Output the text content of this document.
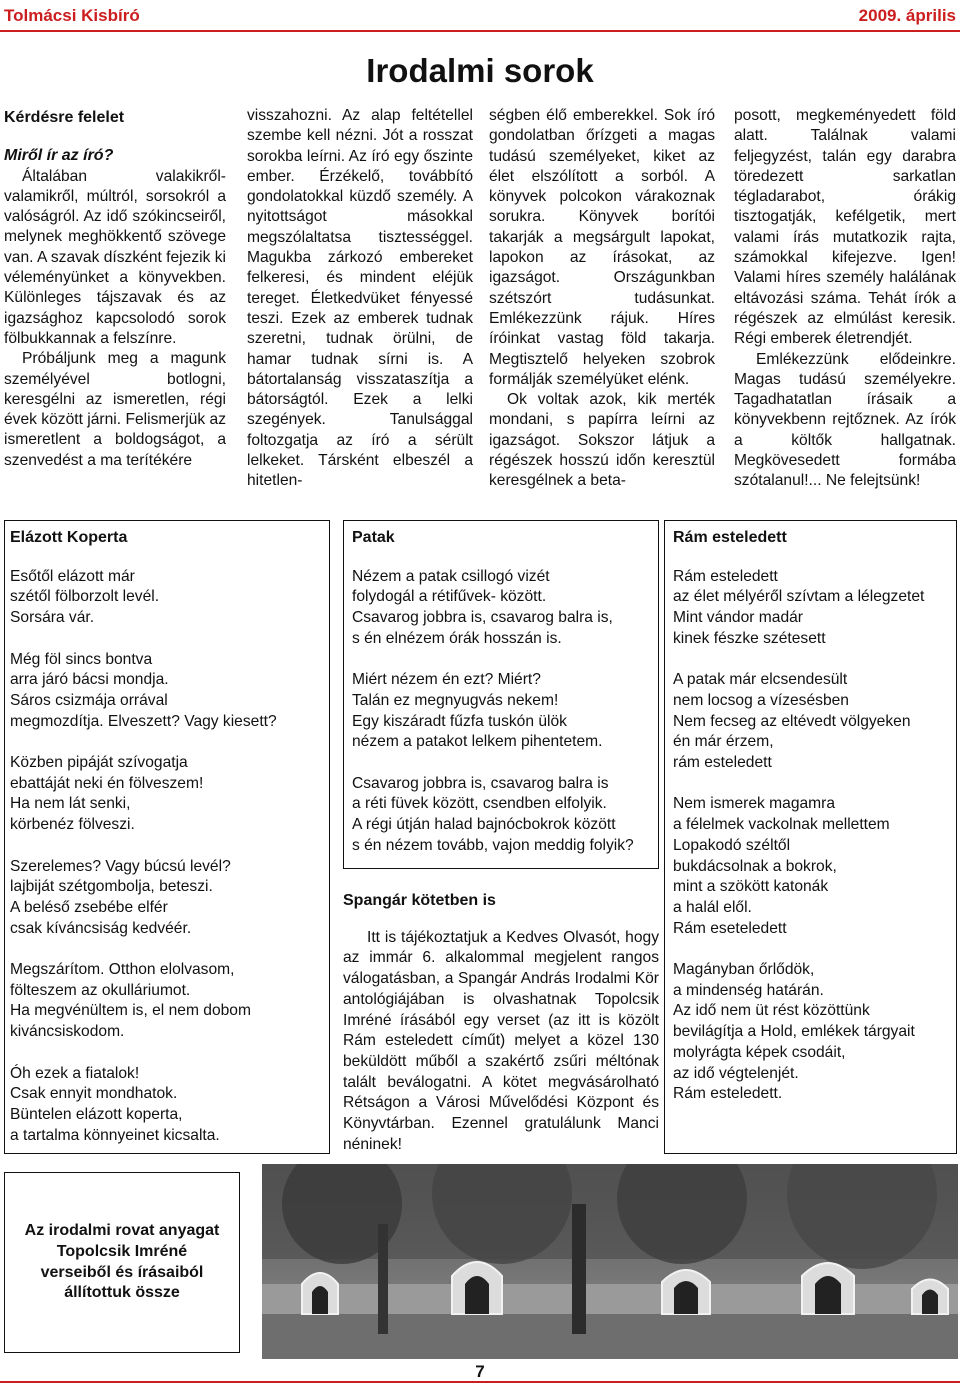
Tolmácsi Kisbíró	2009. április
Irodalmi sorok
Kérdésre felelet
Miről ír az író?

Általában valakikről- valamikről, múltról, sorsokról a valóságról. Az idő szókincseiről, melynek meghökkentő szövege van. A szavak díszként fejezik ki véleményünket a könyvekben. Különleges tájszavak és az igazsághoz kapcsolodó sorok fölbukkannak a felszínre.

Próbáljunk meg a magunk személyével botlogni, keresgélni az ismeretlen, régi évek között járni. Felismerjük az ismeretlent a boldogságot, a szenvedést a ma terítékére

visszahozni. Az alap feltétellel szembe kell nézni. Jót a rosszat sorokba leírni. Az író egy őszinte ember. Érzékelő, továbbító gondolatokkal küzdő személy. A nyitottságot másokkal megszólaltatsa tisztességgel. Magukba zárkozó embereket felkeresi, és mindent eléjük tereget. Életkedvüket fényessé teszi. Ezek az emberek tudnak szeretni, tudnak örülni, de hamar tudnak sírni is. A bátortalanság visszataszítja a bátorságtól. Ezek a lelki szegények. Tanulsággal foltozgatja az író a sérült lelkeket. Társként elbeszél a hitetlen-

ségben élő emberekkel. Sok író gondolatban őrízgeti a magas tudású személyeket, kiket az élet elszólított a sorból. A könyvek polcokon várakoznak sorukra. Könyvek borítói takarják a megsárgult lapokat, lapokon az írásokat, az igazságot. Országunkban szétszórt tudásunkat. Emlékezzünk rájuk. Híres íróinkat vastag föld takarja. Megtisztelő helyeken szobrok formálják személyüket elénk.

Ok voltak azok, kik merték mondani, s papírra leírni az igazságot. Sokszor látjuk a régészek hosszú időn keresztül keresgélnek a beta-

posott, megkeményedett föld alatt. Találnak valami feljegyzést, talán egy darabra töredezett sarkatlan tégladarabot, órákig tisztogatják, kefélgetik, mert valami írás mutatkozik rajta, számokkal kifejezve. Igen! Valami híres személy halálának eltávozási száma. Tehát írók a régészek az elmúlást keresik. Régi emberek életrendjét.

Emlékezzünk elődeinkre. Magas tudású személyekre. Tagadhatatlan írásaik a könyvekbenn rejtőznek. Az írók a költők hallgatnak. Megkövesedett formába szótalanul!... Ne felejtsünk!

Elázott Koperta
Esőtől elázott már
szétől fölborzolt levél.
Sorsára vár.
Még föl sincs bontva
arra járó bácsi mondja.
Sáros csizmája orrával
megmozdítja. Elveszett? Vagy kiesett?
Közben pipáját szívogatja
ebattáját neki én fölveszem!
Ha nem lát senki,
körbenéz fölveszi.
Szerelemes? Vagy búcsú levél?
lajbiját szétgombolja, beteszi.
A beléső zsebébe elfér
csak kíváncsiság kedvéér.
Megszárítom. Otthon elolvasom,
fölteszem az okulláriumot.
Ha megvénültem is, el nem dobom
kiváncsiskodom.
Óh ezek a fiatalok!
Csak ennyit mondhatok.
Büntelen elázott koperta,
a tartalma könnyeinet kicsalta.
Patak
Nézem a patak csillogó vizét
folydogál a rétifűvek- között.
Csavarog jobbra is, csavarog balra is,
s én elnézem órák hosszán is.
Miért nézem én ezt? Miért?
Talán ez megnyugvás nekem!
Egy kiszáradt fűzfa tuskón ülök
nézem a patakot lelkem pihentetem.
Csavarog jobbra is, csavarog balra is
a réti füvek között, csendben elfolyik.
A régi útján halad bajnócbokrok között
s én nézem tovább, vajon meddig folyik?
Spangár kötetben is

Itt is tájékoztatjuk a Kedves Olvasót, hogy az immár 6. alkalommal megjelent rangos válogatásban, a Spangár András Irodalmi Kör antológiájában is olvashatnak Topolcsik Imréné írásából egy verset (az itt is közölt Rám esteledett címűt) melyet a közel 130 beküldött műből a szakértő zsűri méltónak talált beválogatni. A kötet megvásárolható Rétságon a Városi Művelődési Központ és Könyvtárban. Ezennel gratulálunk Manci néninek!

Rám esteledett
Rám esteledett
az élet mélyéről szívtam a lélegzetet
Mint vándor madár
kinek fészke szétesett
A patak már elcsendesült
nem locsog a vízesésben
Nem fecseg az eltévedt völgyeken
én már érzem,
rám esteledett
Nem ismerek magamra
a félelmek vackolnak mellettem
Lopakodó széltől
bukdácsolnak a bokrok,
mint a szökött katonák
a halál elől.
Rám eseteledett
Magányban őrlődök,
a mindenség határán.
Az idő nem üt rést közöttünk
bevilágítja a Hold, emlékek tárgyait
molyrágta képek csodáit,
az idő végtelenjét.
Rám esteledett.
Az irodalmi rovat anyagat Topolcsik Imréné verseiből és írásaiból állítottuk össze
7
